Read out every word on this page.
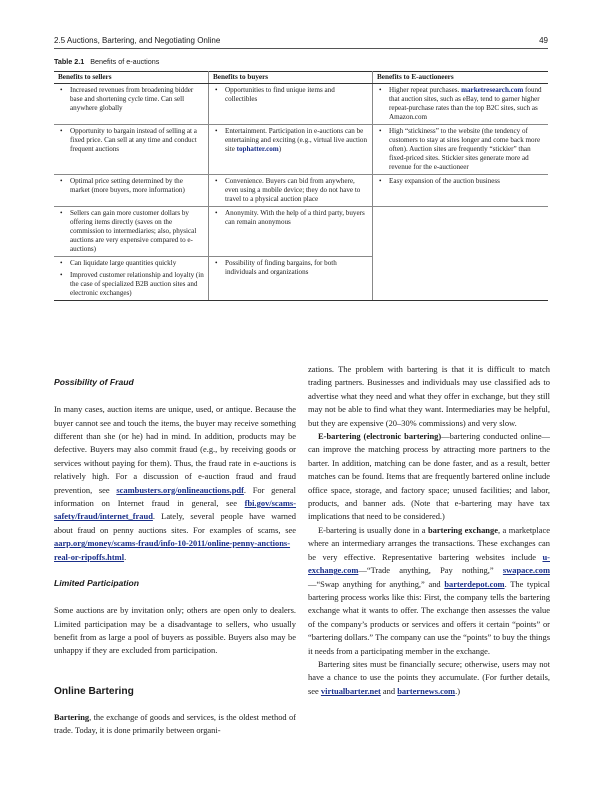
2.5 Auctions, Bartering, and Negotiating Online	49
Table 2.1 Benefits of e-auctions
Benefits to sellers	Benefits to buyers	Benefits to E-auctioneers

• Increased revenues from broadening bidder base and shortening cycle time. Can sell anywhere globally	• Opportunities to find unique items and collectibles	• Higher repeat purchases. marketresearch.com found that auction sites, such as eBay, tend to garner higher repeat-purchase rates than the top B2C sites, such as Amazon.com

• Opportunity to bargain instead of selling at a fixed price. Can sell at any time and conduct frequent auctions	• Entertainment. Participation in e-auctions can be entertaining and exciting (e.g., virtual live auction site tophatter.com)	• High “stickiness” to the website (the tendency of customers to stay at sites longer and come back more often). Auction sites are frequently “stickier” than fixed-priced sites. Stickier sites generate more ad revenue for the e-auctioneer

• Optimal price setting determined by the market (more buyers, more information)	• Convenience. Buyers can bid from anywhere, even using a mobile device; they do not have to travel to a physical auction place	• Easy expansion of the auction business

• Sellers can gain more customer dollars by offering items directly (saves on the commission to intermediaries; also, physical auctions are very expensive compared to e-auctions)	• Anonymity. With the help of a third party, buyers can remain anonymous

• Can liquidate large quantities quickly
• Improved customer relationship and loyalty (in the case of specialized B2B auction sites and electronic exchanges)	• Possibility of finding bargains, for both individuals and organizations

Possibility of Fraud

In many cases, auction items are unique, used, or antique. Because the buyer cannot see and touch the items, the buyer may receive something different than she (or he) had in mind. In addition, products may be defective. Buyers may also commit fraud (e.g., by receiving goods or services without paying for them). Thus, the fraud rate in e-auctions is relatively high. For a discussion of e-auction fraud and fraud prevention, see scambusters.org/onlineauctions.pdf. For general information on Internet fraud in general, see fbi.gov/scams-safety/fraud/internet_fraud. Lately, several people have warned about fraud on penny auctions sites. For examples of scams, see aarp.org/money/scams-fraud/info-10-2011/online-penny-anctions-real-or-ripoffs.html.

Limited Participation

Some auctions are by invitation only; others are open only to dealers. Limited participation may be a disadvantage to sellers, who usually benefit from as large a pool of buyers as possible. Buyers also may be unhappy if they are excluded from participation.

Online Bartering

Bartering, the exchange of goods and services, is the oldest method of trade. Today, it is done primarily between organi-

zations. The problem with bartering is that it is difficult to match trading partners. Businesses and individuals may use classified ads to advertise what they need and what they offer in exchange, but they still may not be able to find what they want. Intermediaries may be helpful, but they are expensive (20–30% commissions) and very slow.

E-bartering (electronic bartering)—bartering conducted online—can improve the matching process by attracting more partners to the barter. In addition, matching can be done faster, and as a result, better matches can be found. Items that are frequently bartered online include office space, storage, and factory space; unused facilities; and labor, products, and banner ads. (Note that e-bartering may have tax implications that need to be considered.)

E-bartering is usually done in a bartering exchange, a marketplace where an intermediary arranges the transactions. These exchanges can be very effective. Representative bartering websites include u-exchange.com—“Trade anything, Pay nothing,” swapace.com—“Swap anything for anything,” and barterdepot.com. The typical bartering process works like this: First, the company tells the bartering exchange what it wants to offer. The exchange then assesses the value of the company’s products or services and offers it certain “points” or “bartering dollars.” The company can use the “points” to buy the things it needs from a participating member in the exchange.

Bartering sites must be financially secure; otherwise, users may not have a chance to use the points they accumulate. (For further details, see virtualbarter.net and barternews.com.)
